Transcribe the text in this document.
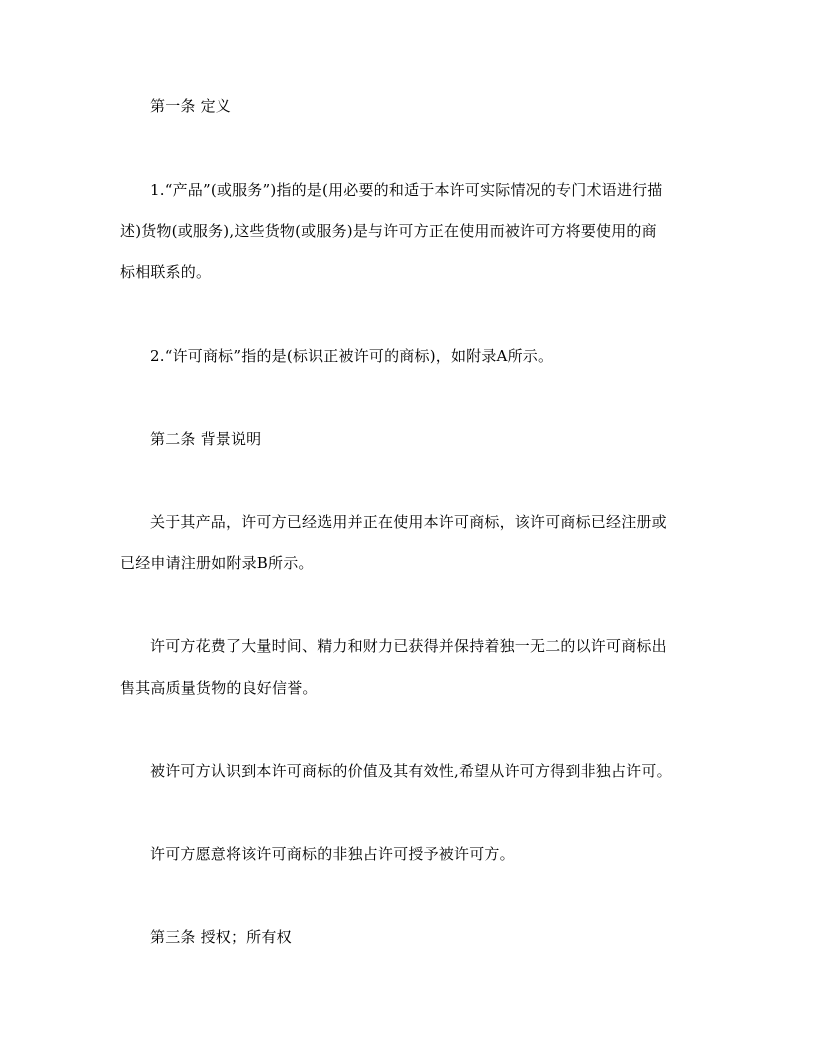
第一条 定义
1.“产品”(或服务”)指的是(用必要的和适于本许可实际情况的专门术语进行描
述)货物(或服务),这些货物(或服务)是与许可方正在使用而被许可方将要使用的商
标相联系的。
2.“许可商标”指的是(标识正被许可的商标)，如附录A所示。
第二条 背景说明
关于其产品，许可方已经选用并正在使用本许可商标，该许可商标已经注册或
已经申请注册如附录B所示。
许可方花费了大量时间、精力和财力已获得并保持着独一无二的以许可商标出
售其高质量货物的良好信誉。
被许可方认识到本许可商标的价值及其有效性,希望从许可方得到非独占许可。
许可方愿意将该许可商标的非独占许可授予被许可方。
第三条 授权；所有权
